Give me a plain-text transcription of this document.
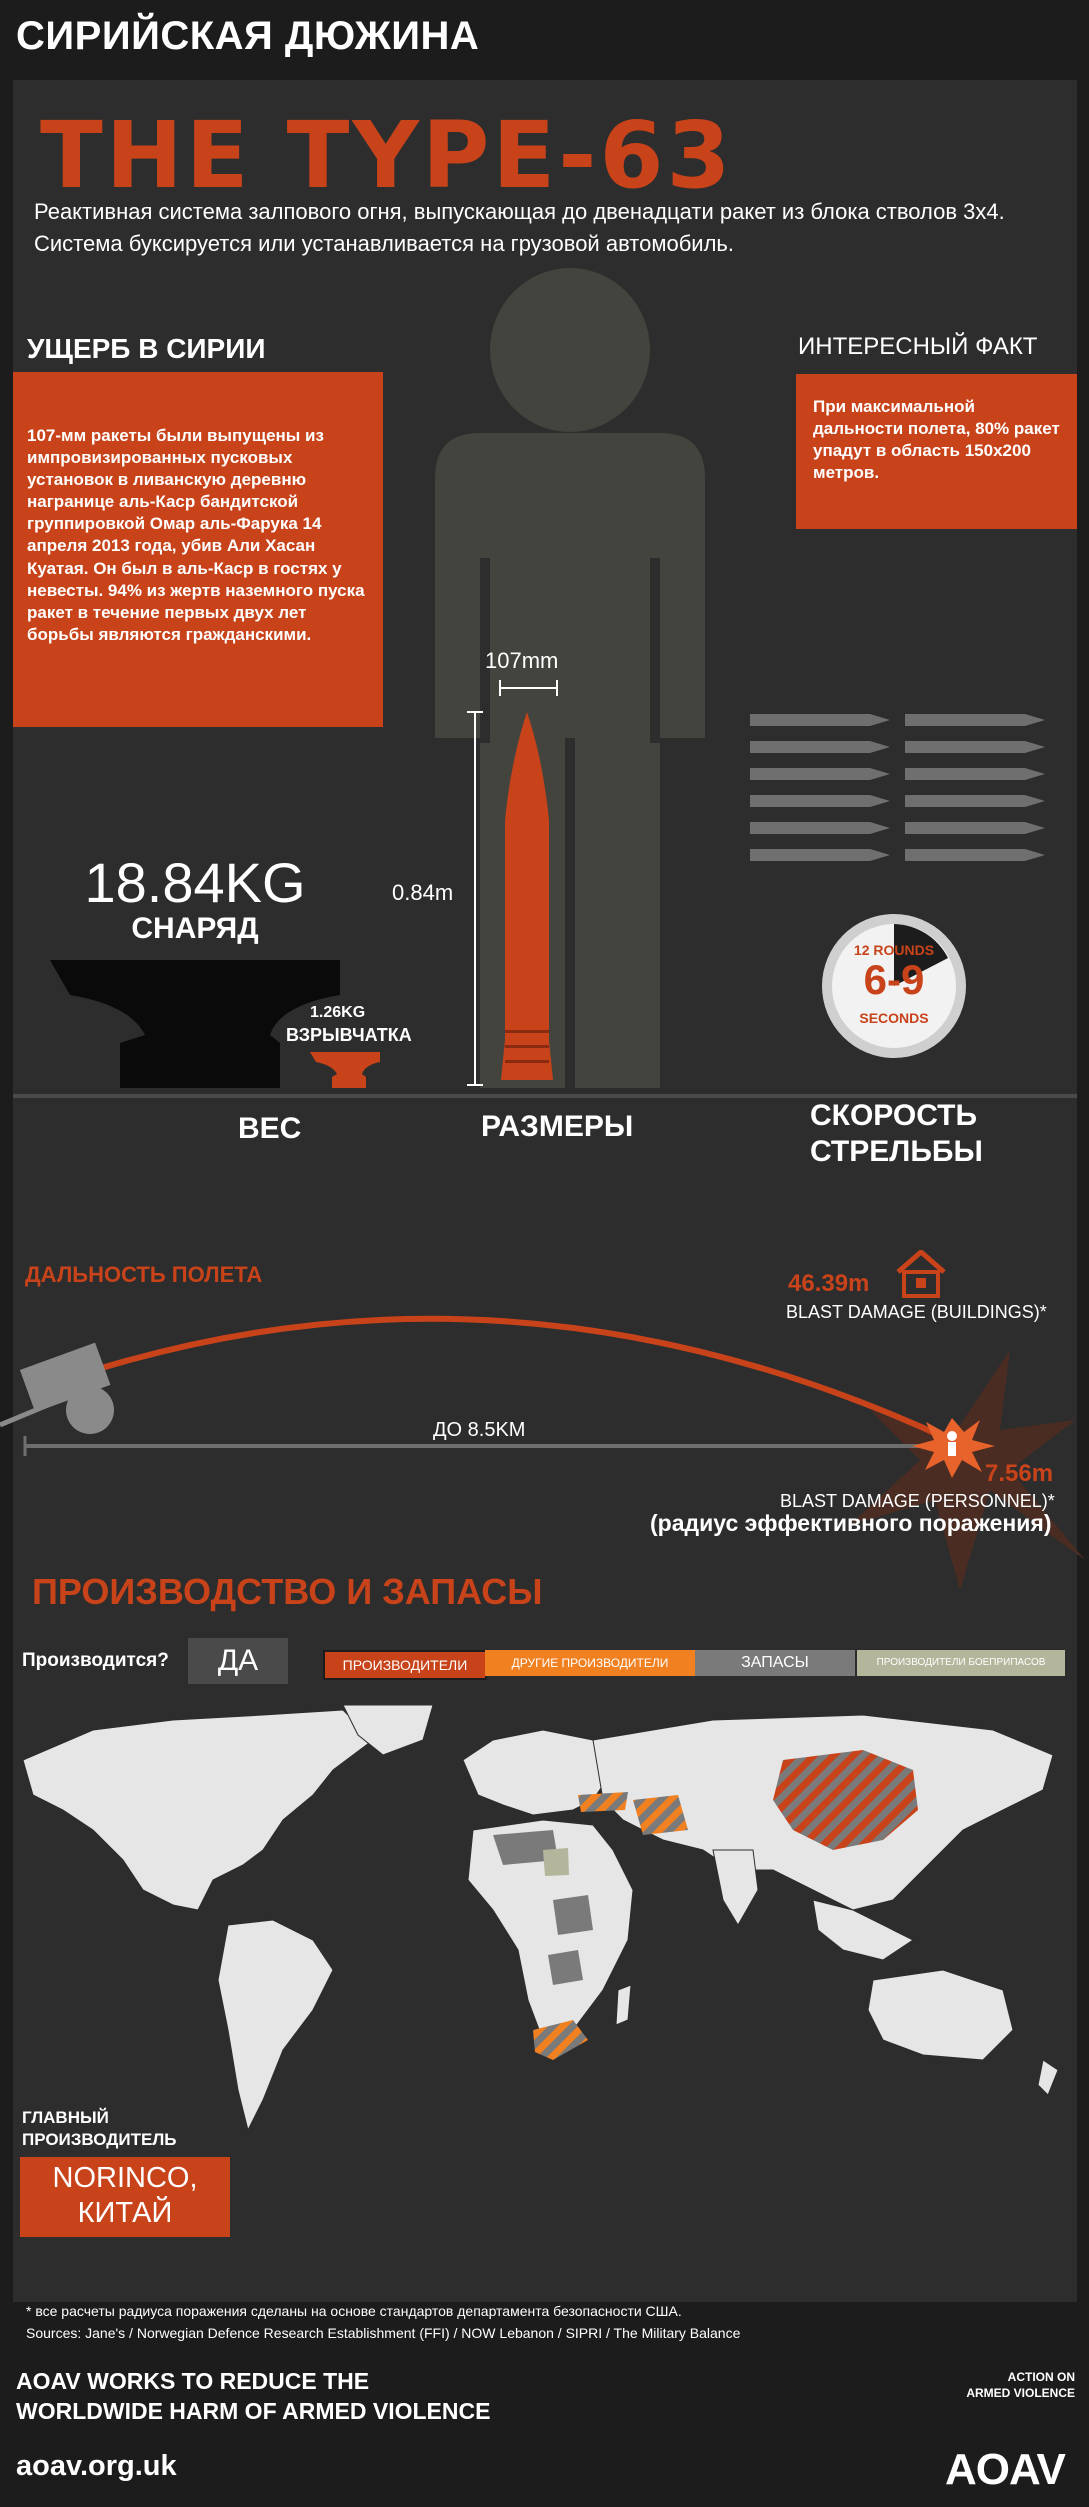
СИРИЙСКАЯ ДЮЖИНА
THE TYPE-63
Реактивная система залпового огня, выпускающая до двенадцати ракет из блока стволов 3х4. Система буксируется или устанавливается на грузовой автомобиль.
УЩЕРБ В СИРИИ
107-мм ракеты были выпущены из импровизированных пусковых установок в ливанскую деревню награнице аль-Каср бандитской группировкой Омар аль-Фарука 14 апреля 2013 года, убив Али Хасан Куатая. Он был в аль-Каср в гостях у невесты. 94% из жертв наземного пуска ракет в течение первых двух лет борьбы являются гражданскими.
ИНТЕРЕСНЫЙ ФАКТ
При максимальной дальности полета, 80% ракет упадут в область 150х200 метров.
107mm
0.84m
12 ROUNDS
6-9
SECONDS
18.84KG
СНАРЯД
1.26KG
ВЗРЫВЧАТКА
ВЕС	РАЗМЕРЫ	СКОРОСТЬ
СТРЕЛЬБЫ
ДАЛЬНОСТЬ ПОЛЕТА	46.39m
BLAST DAMAGE (BUILDINGS)*
ДО 8.5KM
7.56m
BLAST DAMAGE (PERSONNEL)*
(радиус эффективного поражения)
ПРОИЗВОДСТВО И ЗАПАСЫ
Производится?	ДА	ПРОИЗВОДИТЕЛИ	ДРУГИЕ ПРОИЗВОДИТЕЛИ	ЗАПАСЫ	ПРОИЗВОДИТЕЛИ БОЕПРИПАСОВ
ГЛАВНЫЙ
ПРОИЗВОДИТЕЛЬ
NORINCO,
КИТАЙ
* все расчеты радиуса поражения сделаны на основе стандартов департамента безопасности США.
Sources: Jane's / Norwegian Defence Research Establishment (FFI) / NOW Lebanon / SIPRI / The Military Balance
AOAV WORKS TO REDUCE THE
WORLDWIDE HARM OF ARMED VIOLENCE
aoav.org.uk
ACTION ON
ARMED VIOLENCE
AOAV
